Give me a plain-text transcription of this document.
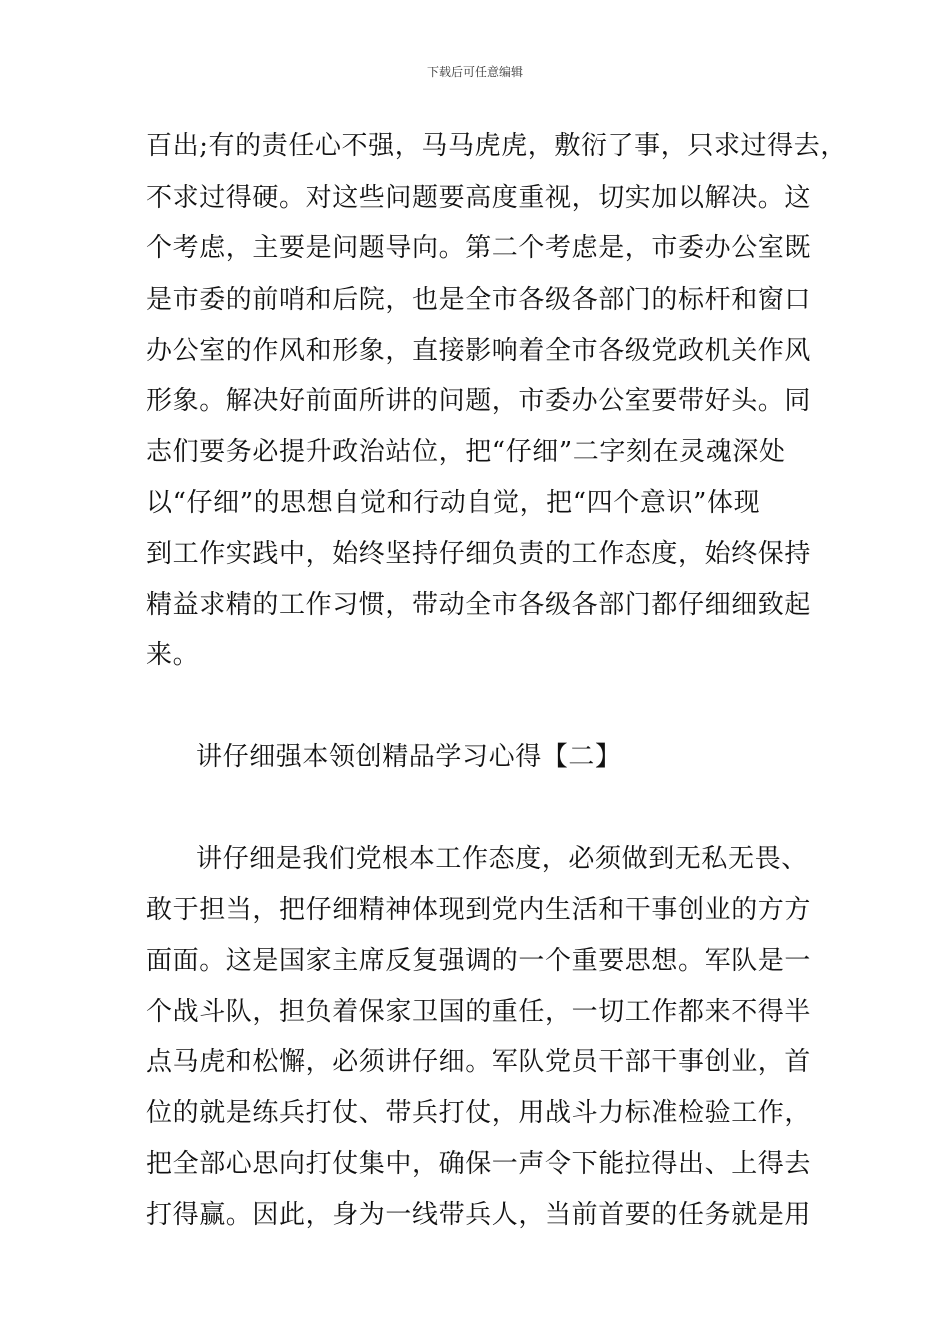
下载后可任意编辑
百出;有的责任心不强，马马虎虎，敷衍了事，只求过得去，
不求过得硬。对这些问题要高度重视，切实加以解决。这
个考虑，主要是问题导向。第二个考虑是，市委办公室既
是市委的前哨和后院，也是全市各级各部门的标杆和窗口
办公室的作风和形象，直接影响着全市各级党政机关作风
形象。解决好前面所讲的问题，市委办公室要带好头。同
志们要务必提升政治站位，把“仔细”二字刻在灵魂深处
以“仔细”的思想自觉和行动自觉，把“四个意识”体现
到工作实践中，始终坚持仔细负责的工作态度，始终保持
精益求精的工作习惯，带动全市各级各部门都仔细细致起
来。
讲仔细强本领创精品学习心得【二】
讲仔细是我们党根本工作态度，必须做到无私无畏、
敢于担当，把仔细精神体现到党内生活和干事创业的方方
面面。这是国家主席反复强调的一个重要思想。军队是一
个战斗队，担负着保家卫国的重任，一切工作都来不得半
点马虎和松懈，必须讲仔细。军队党员干部干事创业，首
位的就是练兵打仗、带兵打仗，用战斗力标准检验工作，
把全部心思向打仗集中，确保一声令下能拉得出、上得去
打得赢。因此，身为一线带兵人，当前首要的任务就是用
